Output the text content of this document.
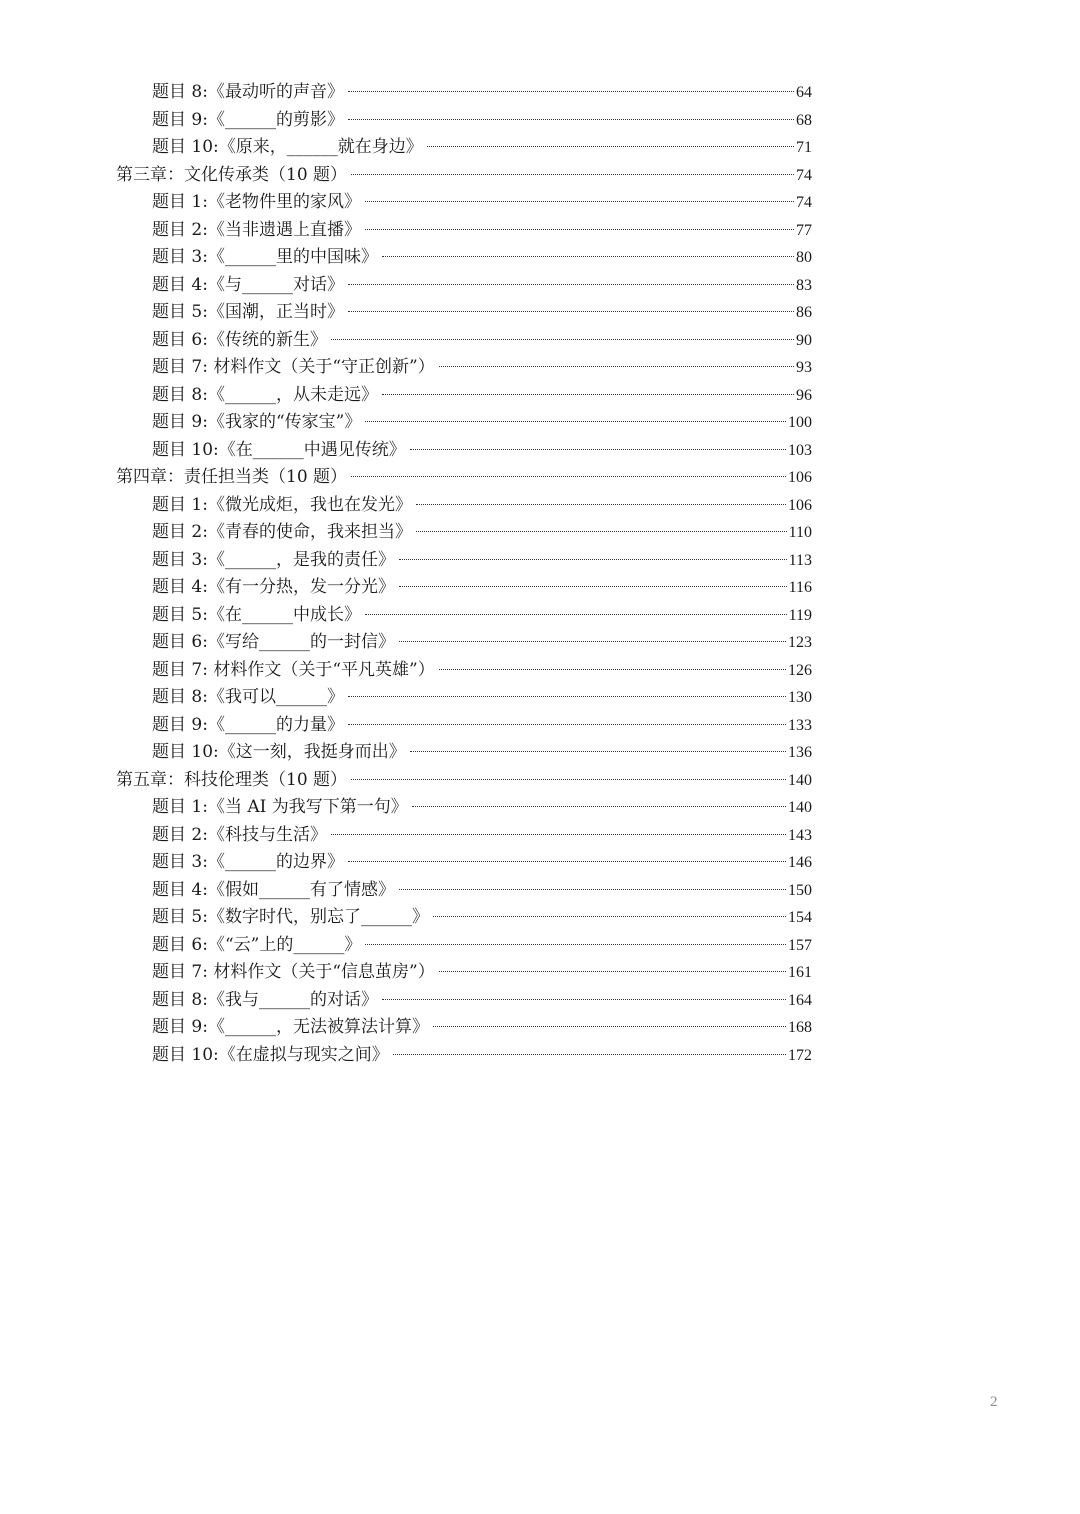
题目 8:《最动听的声音》	64
题目 9:《______的剪影》	68
题目 10:《原来，______就在身边》	71
第三章：文化传承类（10 题）	74
题目 1:《老物件里的家风》	74
题目 2:《当非遗遇上直播》	77
题目 3:《______里的中国味》	80
题目 4:《与______对话》	83
题目 5:《国潮，正当时》	86
题目 6:《传统的新生》	90
题目 7: 材料作文（关于“守正创新”）	93
题目 8:《______，从未走远》	96
题目 9:《我家的“传家宝”》	100
题目 10:《在______中遇见传统》	103
第四章：责任担当类（10 题）	106
题目 1:《微光成炬，我也在发光》	106
题目 2:《青春的使命，我来担当》	110
题目 3:《______，是我的责任》	113
题目 4:《有一分热，发一分光》	116
题目 5:《在______中成长》	119
题目 6:《写给______的一封信》	123
题目 7: 材料作文（关于“平凡英雄”）	126
题目 8:《我可以______》	130
题目 9:《______的力量》	133
题目 10:《这一刻，我挺身而出》	136
第五章：科技伦理类（10 题）	140
题目 1:《当 AI 为我写下第一句》	140
题目 2:《科技与生活》	143
题目 3:《______的边界》	146
题目 4:《假如______有了情感》	150
题目 5:《数字时代，别忘了______》	154
题目 6:《“云”上的______》	157
题目 7: 材料作文（关于“信息茧房”）	161
题目 8:《我与______的对话》	164
题目 9:《______，无法被算法计算》	168
题目 10:《在虚拟与现实之间》	172
2
